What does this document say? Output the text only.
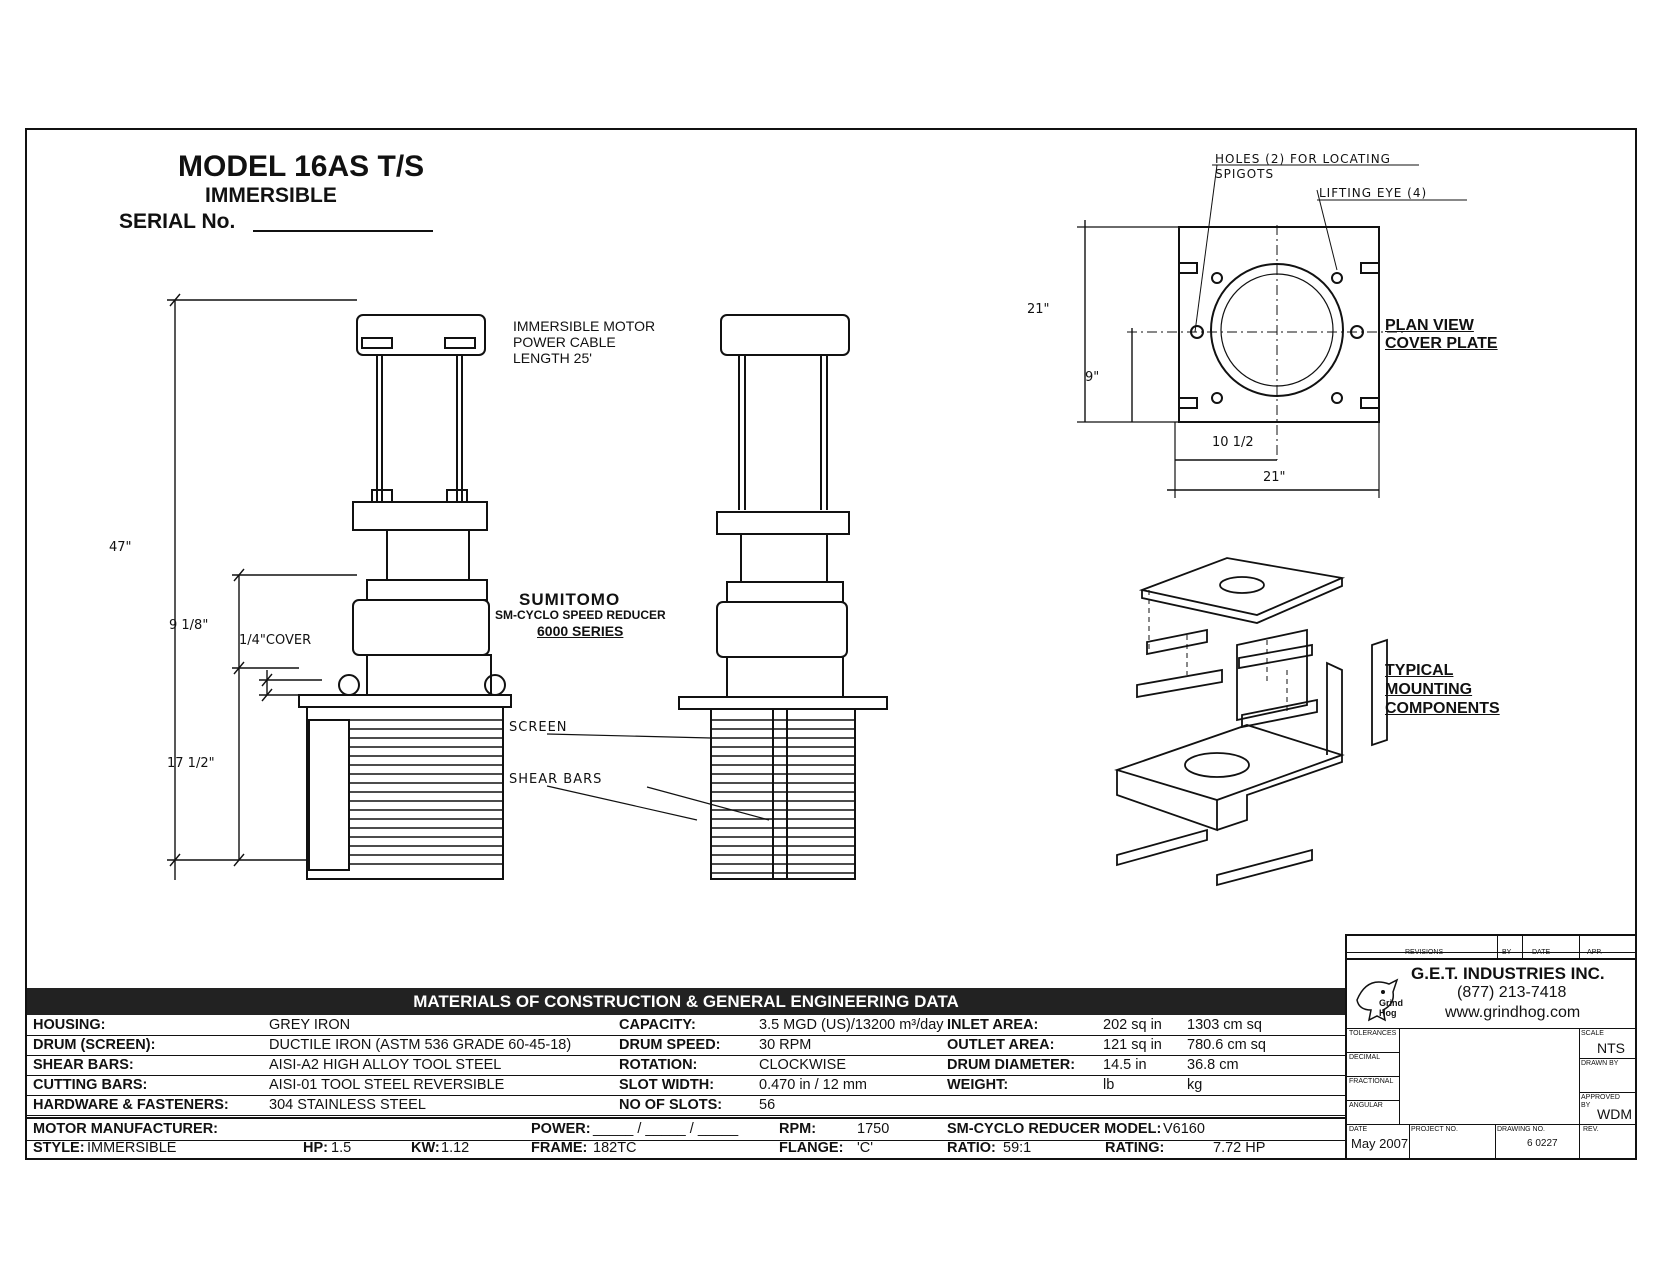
MODEL 16AS T/S
IMMERSIBLE
SERIAL No.
IMMERSIBLE MOTOR
POWER CABLE
LENGTH 25'
SUMITOMO
SM-CYCLO SPEED REDUCER
6000 SERIES
SCREEN
SHEAR BARS
1/4"COVER
HOLES (2) FOR LOCATING
SPIGOTS
LIFTING EYE (4)
PLAN VIEW
COVER PLATE
TYPICAL
MOUNTING
COMPONENTS
47"
9 1/8"
17 1/2"
21"
9"
10 1/2
21"
MATERIALS OF CONSTRUCTION & GENERAL ENGINEERING DATA
HOUSING:	GREY IRON	CAPACITY:	3.5 MGD (US)/13200 m³/day INLET AREA:	202 sq in 1303 cm sq
DRUM (SCREEN):	DUCTILE IRON (ASTM 536 GRADE 60-45-18)	DRUM SPEED:	30 RPM	OUTLET AREA:	121 sq in 780.6 cm sq
SHEAR BARS:	AISI-A2 HIGH ALLOY TOOL STEEL	ROTATION:	CLOCKWISE	DRUM DIAMETER: 14.5 in	36.8 cm
CUTTING BARS:	AISI-01 TOOL STEEL REVERSIBLE	SLOT WIDTH:	0.470 in / 12 mm	WEIGHT:	lb	kg
HARDWARE & FASTENERS:	304 STAINLESS STEEL	NO OF SLOTS:	56
MOTOR MANUFACTURER:	POWER: _____ / _____ / _____	RPM:	1750	SM-CYCLO REDUCER MODEL: V6160
STYLE: IMMERSIBLE	HP: 1.5	KW: 1.12	FRAME: 182TC	FLANGE: 'C'	RATIO: 59:1	RATING:	7.72 HP
REVISIONS	BY	DATE	APP.
Grind
Hog
G.E.T. INDUSTRIES INC.
(877) 213-7418
www.grindhog.com
TOLERANCES
DECIMAL
FRACTIONAL
ANGULAR
SCALE
NTS
DRAWN BY
APPROVED BY
WDM
DATE
May 2007
PROJECT NO.	DRAWING NO.
6 0227
REV.
